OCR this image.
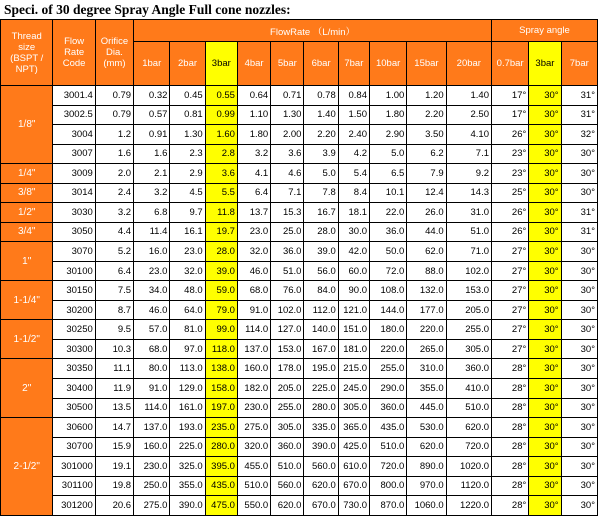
Speci. of 30 degree Spray Angle Full cone nozzles:
Thread size (BSPT / NPT)	Flow Rate Code	Orifice Dia. (mm)	FlowRate （L/min）										Spray angle		
			1bar	2bar	3bar	4bar	5bar	6bar	7bar	10bar	15bar	20bar	0.7bar	3bar	7bar
1/8"	3001.4	0.79	0.32	0.45	0.55	0.64	0.71	0.78	0.84	1.00	1.20	1.40	17°	30°	31°
	3002.5	0.79	0.57	0.81	0.99	1.10	1.30	1.40	1.50	1.80	2.20	2.50	17°	30°	31°
	3004	1.2	0.91	1.30	1.60	1.80	2.00	2.20	2.40	2.90	3.50	4.10	26°	30°	32°
	3007	1.6	1.6	2.3	2.8	3.2	3.6	3.9	4.2	5.0	6.2	7.1	23°	30°	30°
1/4"	3009	2.0	2.1	2.9	3.6	4.1	4.6	5.0	5.4	6.5	7.9	9.2	23°	30°	30°
3/8"	3014	2.4	3.2	4.5	5.5	6.4	7.1	7.8	8.4	10.1	12.4	14.3	25°	30°	30°
1/2"	3030	3.2	6.8	9.7	11.8	13.7	15.3	16.7	18.1	22.0	26.0	31.0	26°	30°	31°
3/4"	3050	4.4	11.4	16.1	19.7	23.0	25.0	28.0	30.0	36.0	44.0	51.0	26°	30°	31°
1"	3070	5.2	16.0	23.0	28.0	32.0	36.0	39.0	42.0	50.0	62.0	71.0	27°	30°	30°
	30100	6.4	23.0	32.0	39.0	46.0	51.0	56.0	60.0	72.0	88.0	102.0	27°	30°	30°
1-1/4"	30150	7.5	34.0	48.0	59.0	68.0	76.0	84.0	90.0	108.0	132.0	153.0	27°	30°	30°
	30200	8.7	46.0	64.0	79.0	91.0	102.0	112.0	121.0	144.0	177.0	205.0	27°	30°	30°
1-1/2"	30250	9.5	57.0	81.0	99.0	114.0	127.0	140.0	151.0	180.0	220.0	255.0	27°	30°	30°
	30300	10.3	68.0	97.0	118.0	137.0	153.0	167.0	181.0	220.0	265.0	305.0	27°	30°	30°
2"	30350	11.1	80.0	113.0	138.0	160.0	178.0	195.0	215.0	255.0	310.0	360.0	28°	30°	30°
	30400	11.9	91.0	129.0	158.0	182.0	205.0	225.0	245.0	290.0	355.0	410.0	28°	30°	30°
	30500	13.5	114.0	161.0	197.0	230.0	255.0	280.0	305.0	360.0	445.0	510.0	28°	30°	30°
2-1/2"	30600	14.7	137.0	193.0	235.0	275.0	305.0	335.0	365.0	435.0	530.0	620.0	28°	30°	30°
	30700	15.9	160.0	225.0	280.0	320.0	360.0	390.0	425.0	510.0	620.0	720.0	28°	30°	30°
	301000	19.1	230.0	325.0	395.0	455.0	510.0	560.0	610.0	720.0	890.0	1020.0	28°	30°	30°
	301100	19.8	250.0	355.0	435.0	510.0	560.0	620.0	670.0	800.0	970.0	1120.0	28°	30°	30°
	301200	20.6	275.0	390.0	475.0	550.0	620.0	670.0	730.0	870.0	1060.0	1220.0	28°	30°	30°
